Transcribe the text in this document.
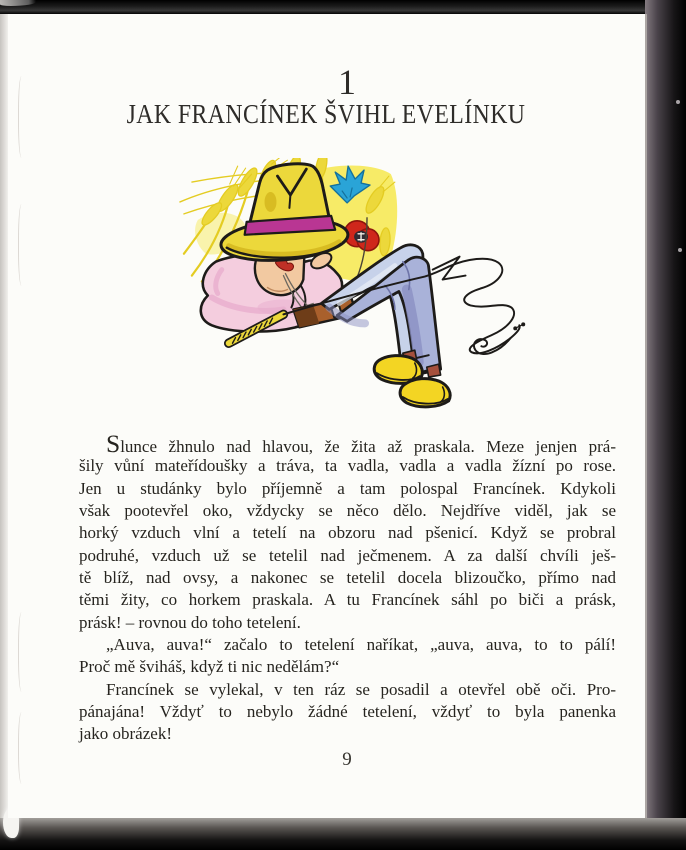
1
JAK FRANCÍNEK ŠVIHL EVELÍNKU
Slunce žhnulo nad hlavou, že žita až praskala. Meze jenjen prá-
šily vůní mateřídoušky a tráva, ta vadla, vadla a vadla žízní po rose.
Jen u studánky bylo příjemně a tam polospal Francínek. Kdykoli
však pootevřel oko, vždycky se něco dělo. Nejdříve viděl, jak se
horký vzduch vlní a tetelí na obzoru nad pšenicí. Když se probral
podruhé, vzduch už se tetelil nad ječmenem. A za další chvíli ješ-
tě blíž, nad ovsy, a nakonec se tetelil docela blizoučko, přímo nad
těmi žity, co horkem praskala. A tu Francínek sáhl po biči a prásk,
prásk! – rovnou do toho tetelení.
„Auva, auva!“ začalo to tetelení naříkat, „auva, auva, to to pálí!
Proč mě šviháš, když ti nic nedělám?“
Francínek se vylekal, v ten ráz se posadil a otevřel obě oči. Pro-
pánajána! Vždyť to nebylo žádné tetelení, vždyť to byla panenka
jako obrázek!
9
